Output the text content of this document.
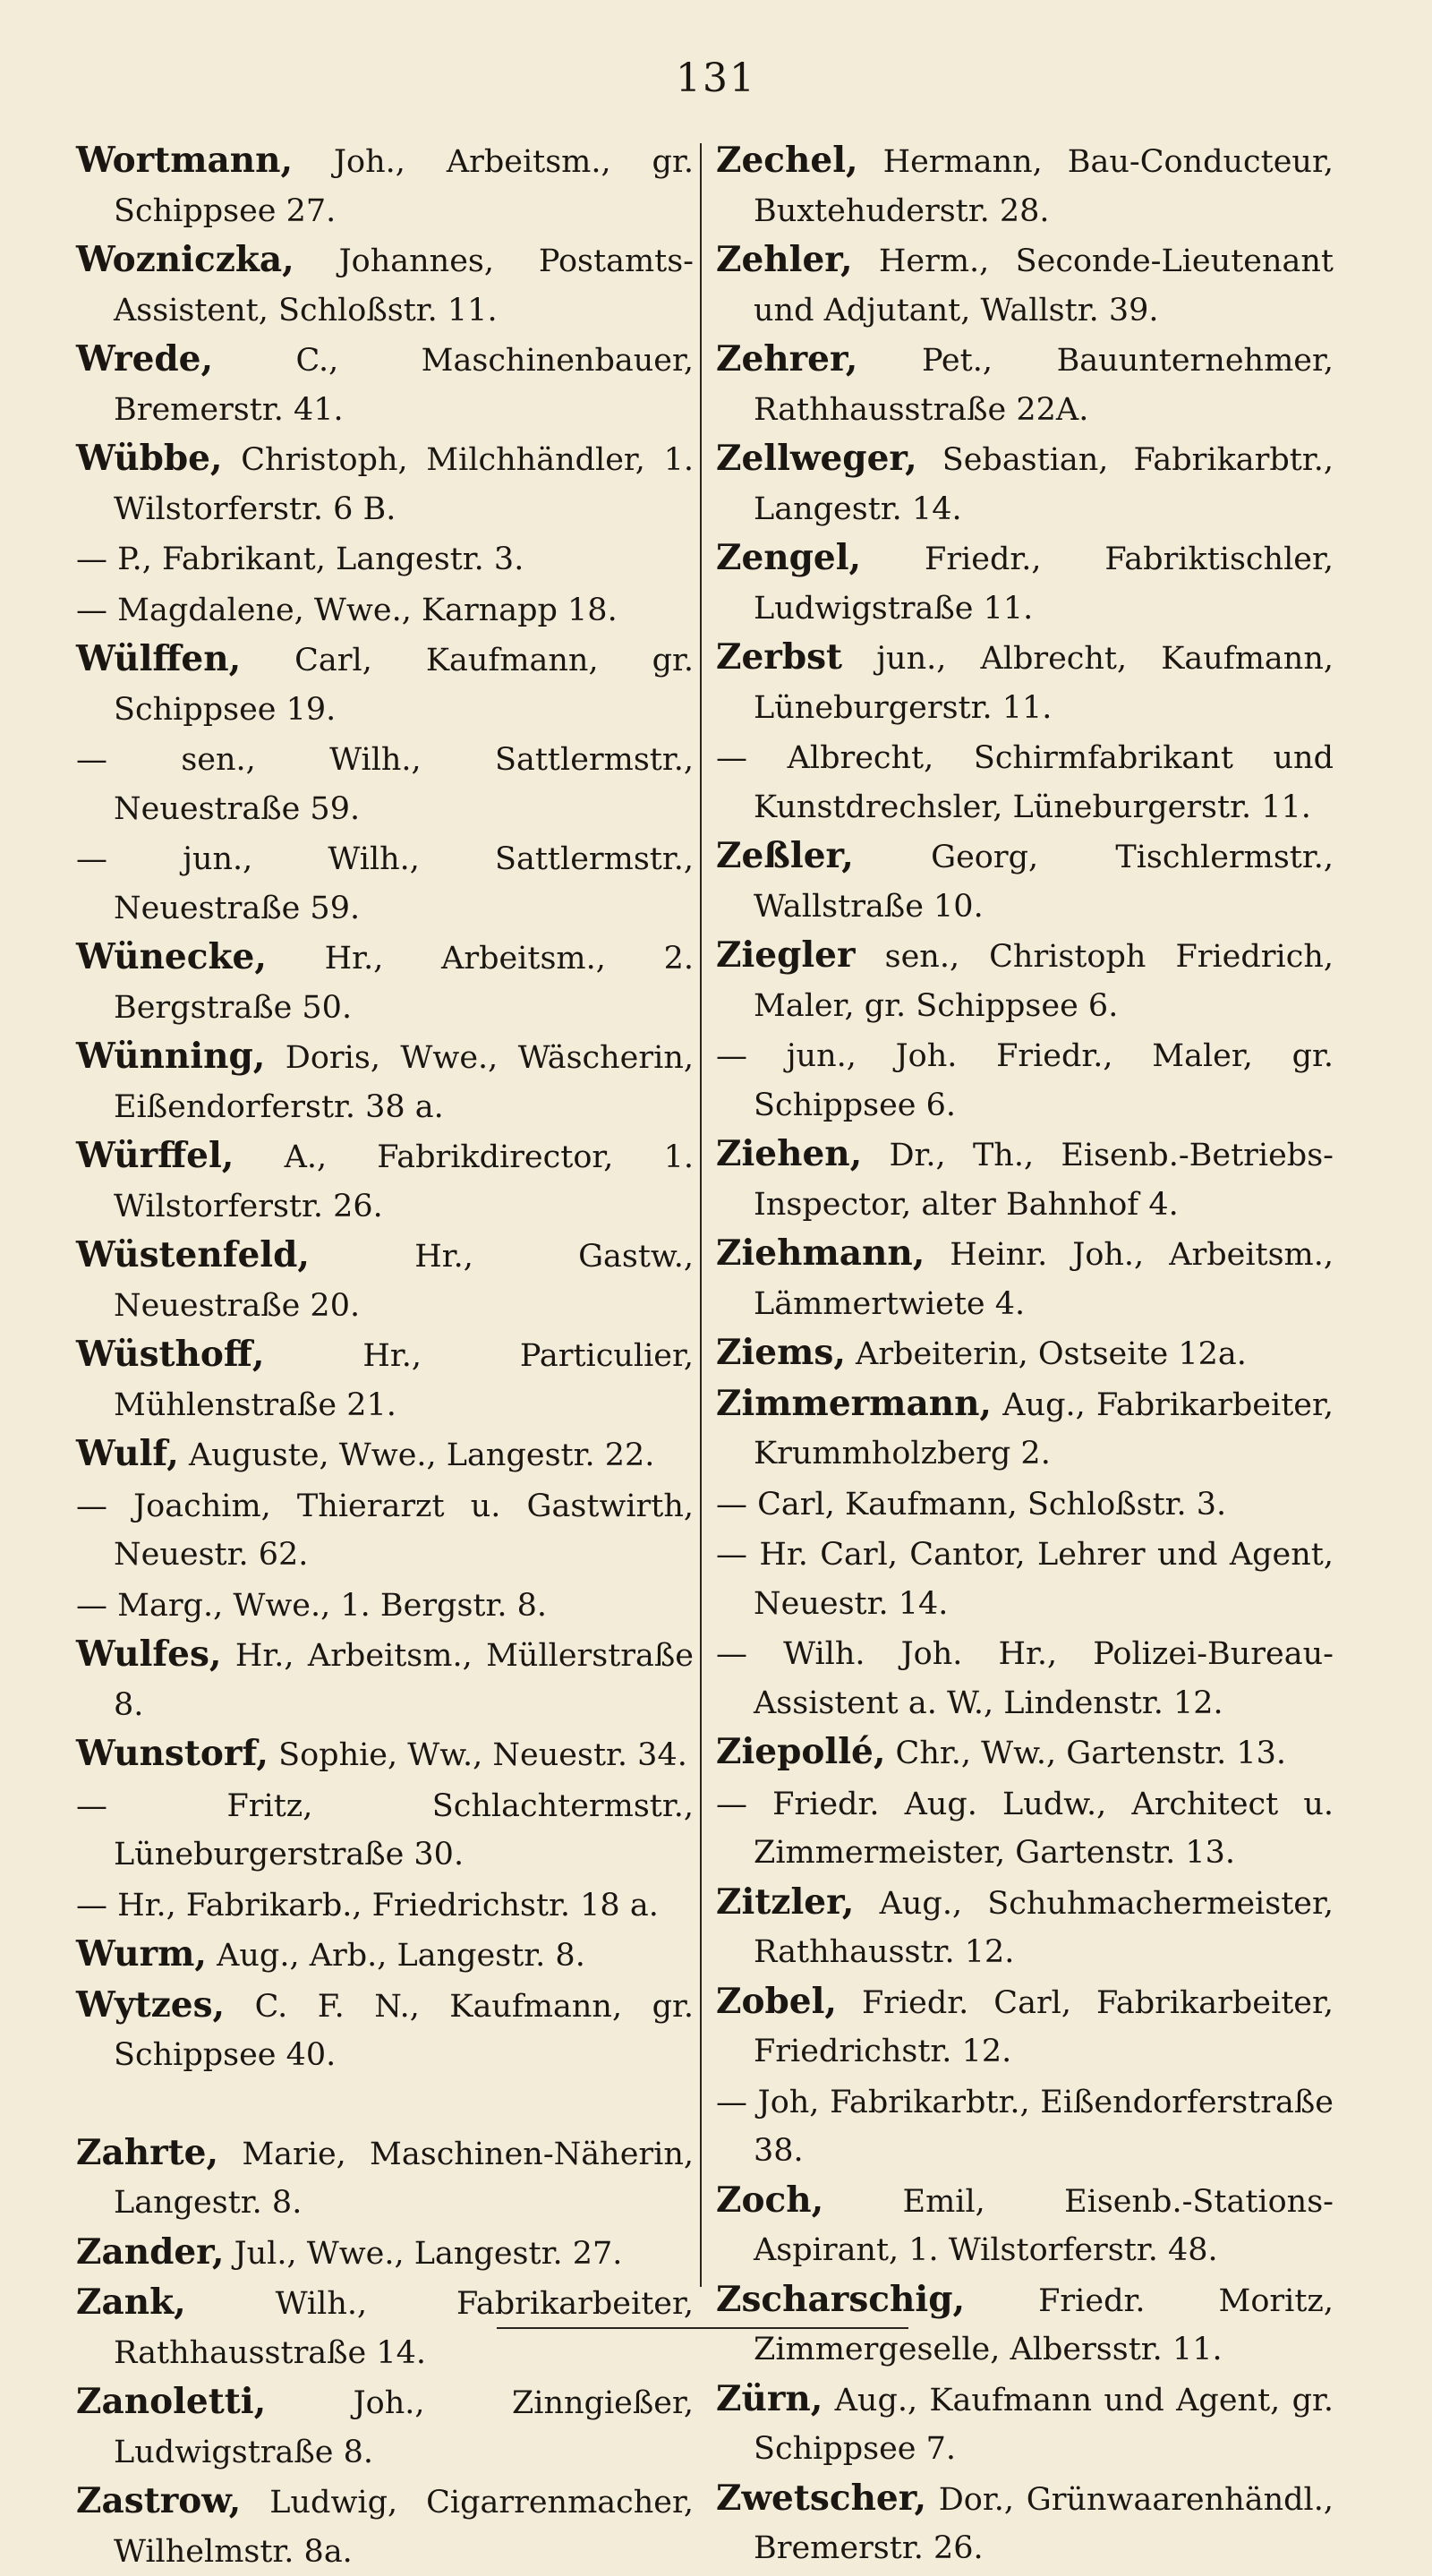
131

Wortmann, Joh., Arbeitsm., gr. Schippsee 27.

Wozniczka, Johannes, Postamts-Assistent, Schloßstr. 11.

Wrede,	C., Maschinenbauer, Bremerstr. 41.

Wübbe, Christoph, Milchhändler, 1. Wilstorferstr. 6 B.

— P., Fabrikant, Langestr. 3.

— Magdalene, Wwe., Karnapp 18.

Wülffen, Carl, Kaufmann, gr. Schippsee 19.

— sen., Wilh., Sattlermstr., Neuestraße 59.

— jun., Wilh., Sattlermstr., Neuestraße 59.

Wünecke, Hr., Arbeitsm., 2. Bergstraße 50.

Wünning, Doris, Wwe., Wäscherin, Eißendorferstr. 38 a.

Würffel, A., Fabrikdirector, 1. Wilstorferstr. 26.

Wüstenfeld,	Hr., Gastw., Neuestraße 20.

Wüsthoff,	Hr., Particulier, Mühlenstraße 21.

Wulf, Auguste, Wwe., Langestr. 22.

— Joachim, Thierarzt u. Gastwirth, Neuestr. 62.

— Marg., Wwe., 1. Bergstr. 8.

Wulfes, Hr., Arbeitsm., Müllerstraße 8.

Wunstorf, Sophie, Ww., Neuestr. 34.

— Fritz, Schlachtermstr., Lüneburgerstraße 30.

— Hr., Fabrikarb., Friedrichstr. 18 a.

Wurm, Aug., Arb., Langestr. 8.

Wytzes, C. F. N., Kaufmann, gr. Schippsee 40.

Zahrte, Marie, Maschinen-Näherin, Langestr. 8.

Zander, Jul., Wwe., Langestr. 27.

Zank,	Wilh., Fabrikarbeiter, Rathhausstraße 14.

Zanoletti,	Joh., Zinngießer, Ludwigstraße 8.

Zastrow, Ludwig, Cigarrenmacher, Wilhelmstr. 8a.

Zechel, Hermann, Bau-Conducteur, Buxtehuderstr. 28.

Zehler, Herm., Seconde-Lieutenant und Adjutant, Wallstr. 39.

Zehrer, Pet., Bauunternehmer, Rathhausstraße 22A.

Zellweger, Sebastian, Fabrikarbtr., Langestr. 14.

Zengel, Friedr., Fabriktischler, Ludwigstraße 11.

Zerbst jun., Albrecht, Kaufmann, Lüneburgerstr. 11.

— Albrecht, Schirmfabrikant und Kunstdrechsler, Lüneburgerstr. 11.

Zeßler, Georg, Tischlermstr., Wallstraße 10.

Ziegler sen., Christoph Friedrich, Maler, gr. Schippsee 6.

— jun., Joh. Friedr., Maler, gr. Schippsee 6.

Ziehen, Dr., Th., Eisenb.-Betriebs-Inspector, alter Bahnhof 4.

Ziehmann, Heinr. Joh., Arbeitsm., Lämmertwiete 4.

Ziems, Arbeiterin, Ostseite 12a.

Zimmermann, Aug., Fabrikarbeiter, Krummholzberg 2.

— Carl, Kaufmann, Schloßstr. 3.

— Hr. Carl, Cantor, Lehrer und Agent, Neuestr. 14.

— Wilh. Joh. Hr., Polizei-Bureau-Assistent a. W., Lindenstr. 12.

Ziepollé, Chr., Ww., Gartenstr. 13.

— Friedr. Aug. Ludw., Architect u. Zimmermeister, Gartenstr. 13.

Zitzler, Aug., Schuhmachermeister, Rathhausstr. 12.

Zobel, Friedr. Carl, Fabrikarbeiter, Friedrichstr. 12.

— Joh, Fabrikarbtr., Eißendorferstraße 38.

Zoch,	Emil, Eisenb.-Stations-Aspirant, 1. Wilstorferstr. 48.

Zscharschig, Friedr. Moritz, Zimmergeselle, Albersstr. 11.

Zürn, Aug., Kaufmann und Agent, gr. Schippsee 7.

Zwetscher, Dor., Grünwaarenhändl., Bremerstr. 26.
